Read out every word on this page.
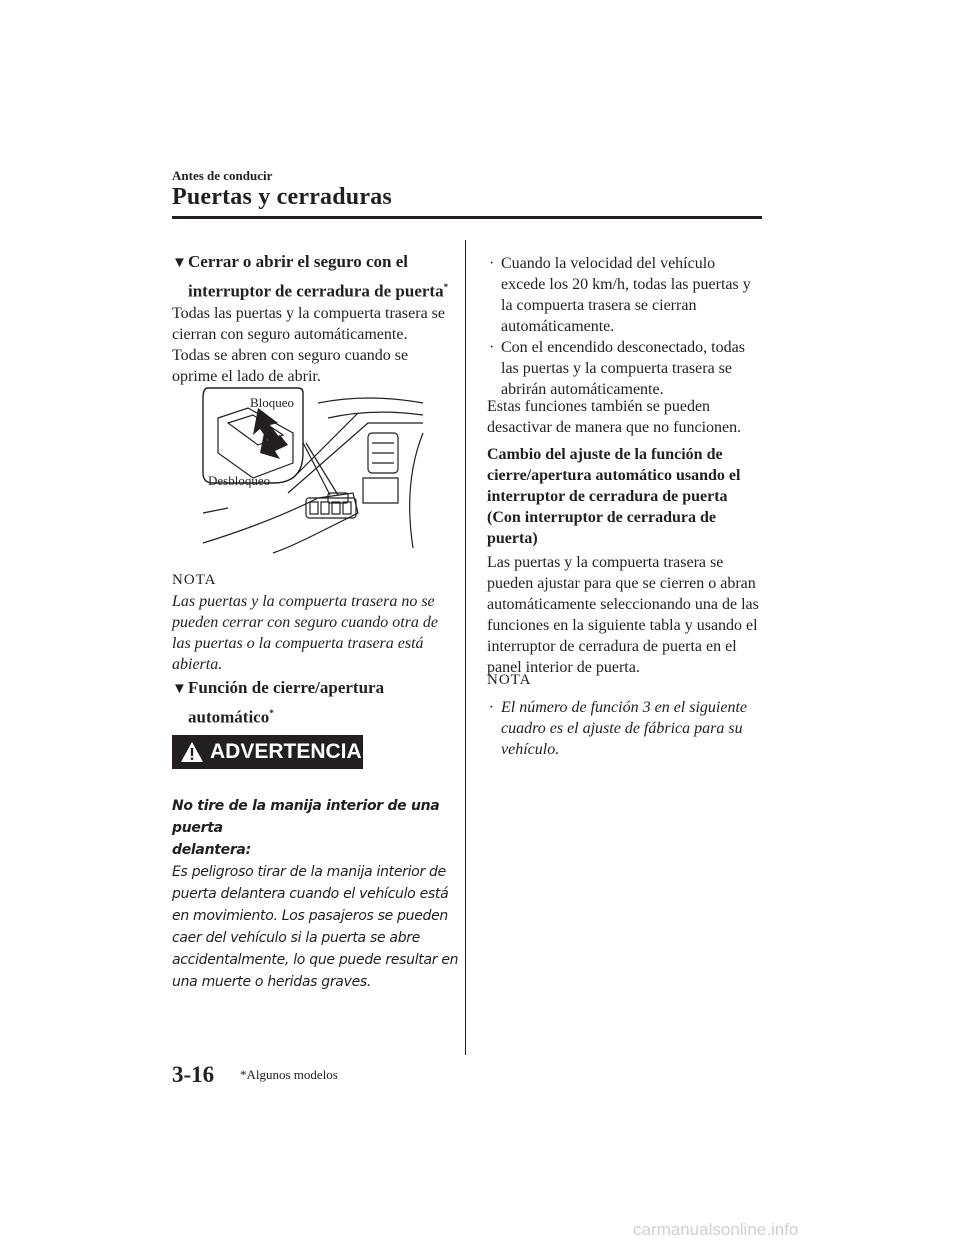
Antes de conducir
Puertas y cerraduras
▼Cerrar o abrir el seguro con el
interruptor de cerradura de puerta*

Todas las puertas y la compuerta trasera se

cierran con seguro automáticamente.

Todas se abren con seguro cuando se

oprime el lado de abrir.

Bloqueo
Desbloqueo
NOTA
Las puertas y la compuerta trasera no se
pueden cerrar con seguro cuando otra de
las puertas o la compuerta trasera está
abierta.
▼Función de cierre/apertura
automático*
ADVERTENCIA
No tire de la manija interior de una puerta
delantera:
Es peligroso tirar de la manija interior de
puerta delantera cuando el vehículo está
en movimiento. Los pasajeros se pueden
caer del vehículo si la puerta se abre
accidentalmente, lo que puede resultar en
una muerte o heridas graves.
· Cuando la velocidad del vehículo
excede los 20 km/h, todas las puertas y
la compuerta trasera se cierran
automáticamente.
· Con el encendido desconectado, todas
las puertas y la compuerta trasera se
abrirán automáticamente.

Estas funciones también se pueden

desactivar de manera que no funcionen.

Cambio del ajuste de la función de
cierre/apertura automático usando el
interruptor de cerradura de puerta
(Con interruptor de cerradura de
puerta)

Las puertas y la compuerta trasera se

pueden ajustar para que se cierren o abran

automáticamente seleccionando una de las

funciones en la siguiente tabla y usando el

interruptor de cerradura de puerta en el

panel interior de puerta.

NOTA
· El número de función 3 en el siguiente
cuadro es el ajuste de fábrica para su
vehículo.
3-16 *Algunos modelos
carmanualsonline.info
